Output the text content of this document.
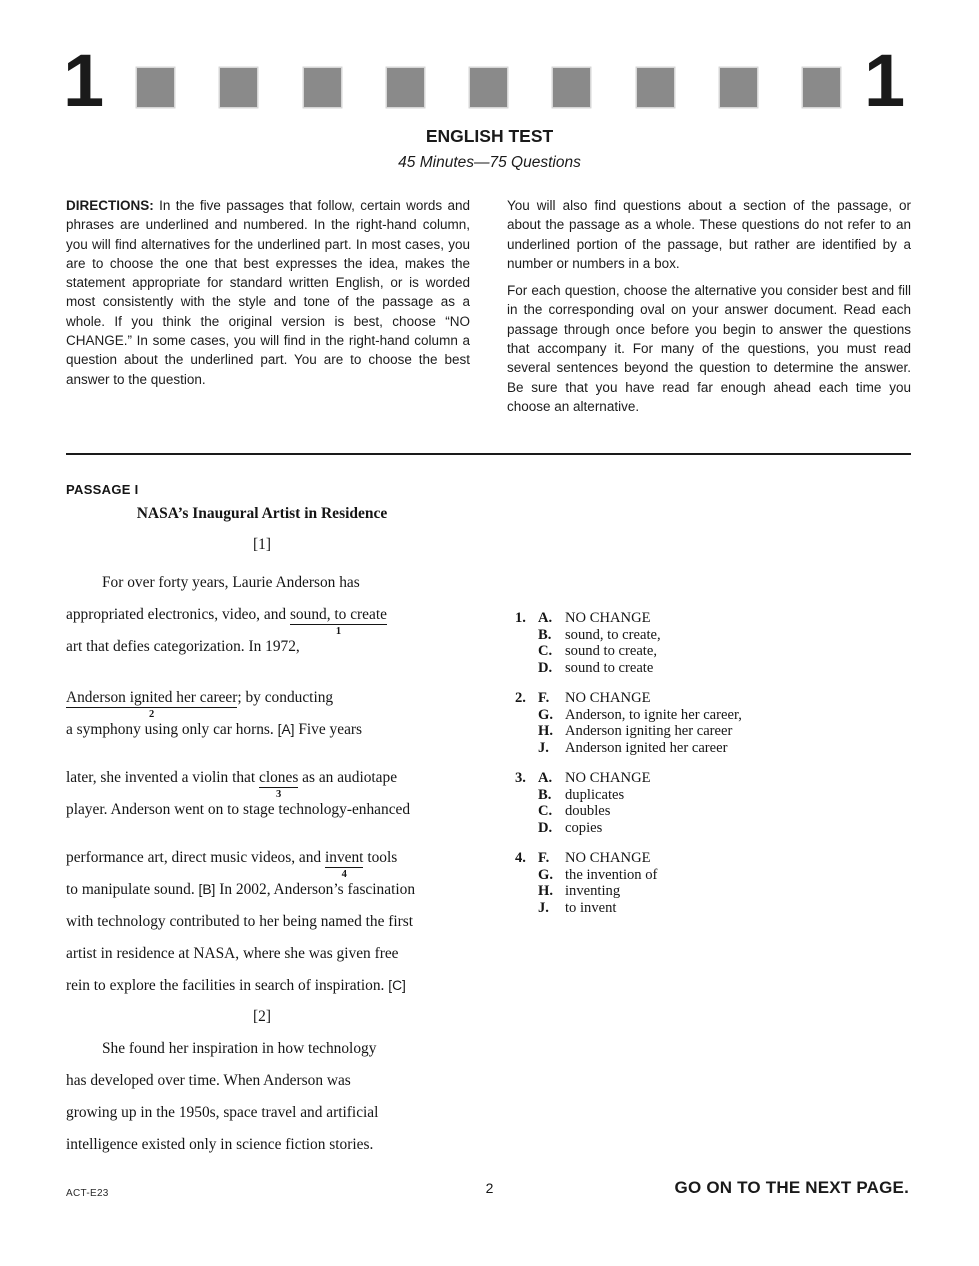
1	1
ENGLISH TEST
45 Minutes—75 Questions

DIRECTIONS: In the five passages that follow, certain words and phrases are underlined and numbered. In the right-hand column, you will find alternatives for the underlined part. In most cases, you are to choose the one that best expresses the idea, makes the statement appropriate for standard written English, or is worded most consistently with the style and tone of the passage as a whole. If you think the original version is best, choose “NO CHANGE.” In some cases, you will find in the right-hand column a question about the underlined part. You are to choose the best answer to the question.

You will also find questions about a section of the passage, or about the passage as a whole. These questions do not refer to an underlined portion of the passage, but rather are identified by a number or numbers in a box.

For each question, choose the alternative you consider best and fill in the corresponding oval on your answer document. Read each passage through once before you begin to answer the questions that accompany it. For many of the questions, you must read several sentences beyond the question to determine the answer. Be sure that you have read far enough ahead each time you choose an alternative.

PASSAGE I
NASA’s Inaugural Artist in Residence
[1]
For over forty years, Laurie Anderson has
appropriated electronics, video, and sound, to create
1
art that defies categorization. In 1972,
Anderson ignited her career
2
; by conducting
a symphony using only car horns. [A] Five years
later, she invented a violin that clones
3
as an audiotape
player. Anderson went on to stage technology-enhanced
performance art, direct music videos, and invent
4
tools
to manipulate sound. [B] In 2002, Anderson’s fascination
with technology contributed to her being named the first
artist in residence at NASA, where she was given free
rein to explore the facilities in search of inspiration. [C]
[2]
She found her inspiration in how technology
has developed over time. When Anderson was
growing up in the 1950s, space travel and artificial
intelligence existed only in science fiction stories.
1. A. NO CHANGE
B. sound, to create,
C. sound to create,
D. sound to create
2. F.	NO CHANGE
G. Anderson, to ignite her career,
H. Anderson igniting her career
J.	Anderson ignited her career
3. A. NO CHANGE
B. duplicates
C. doubles
D. copies
4. F.	NO CHANGE
G. the invention of
H. inventing
J.	to invent
ACT-E23	2	GO ON TO THE NEXT PAGE.
